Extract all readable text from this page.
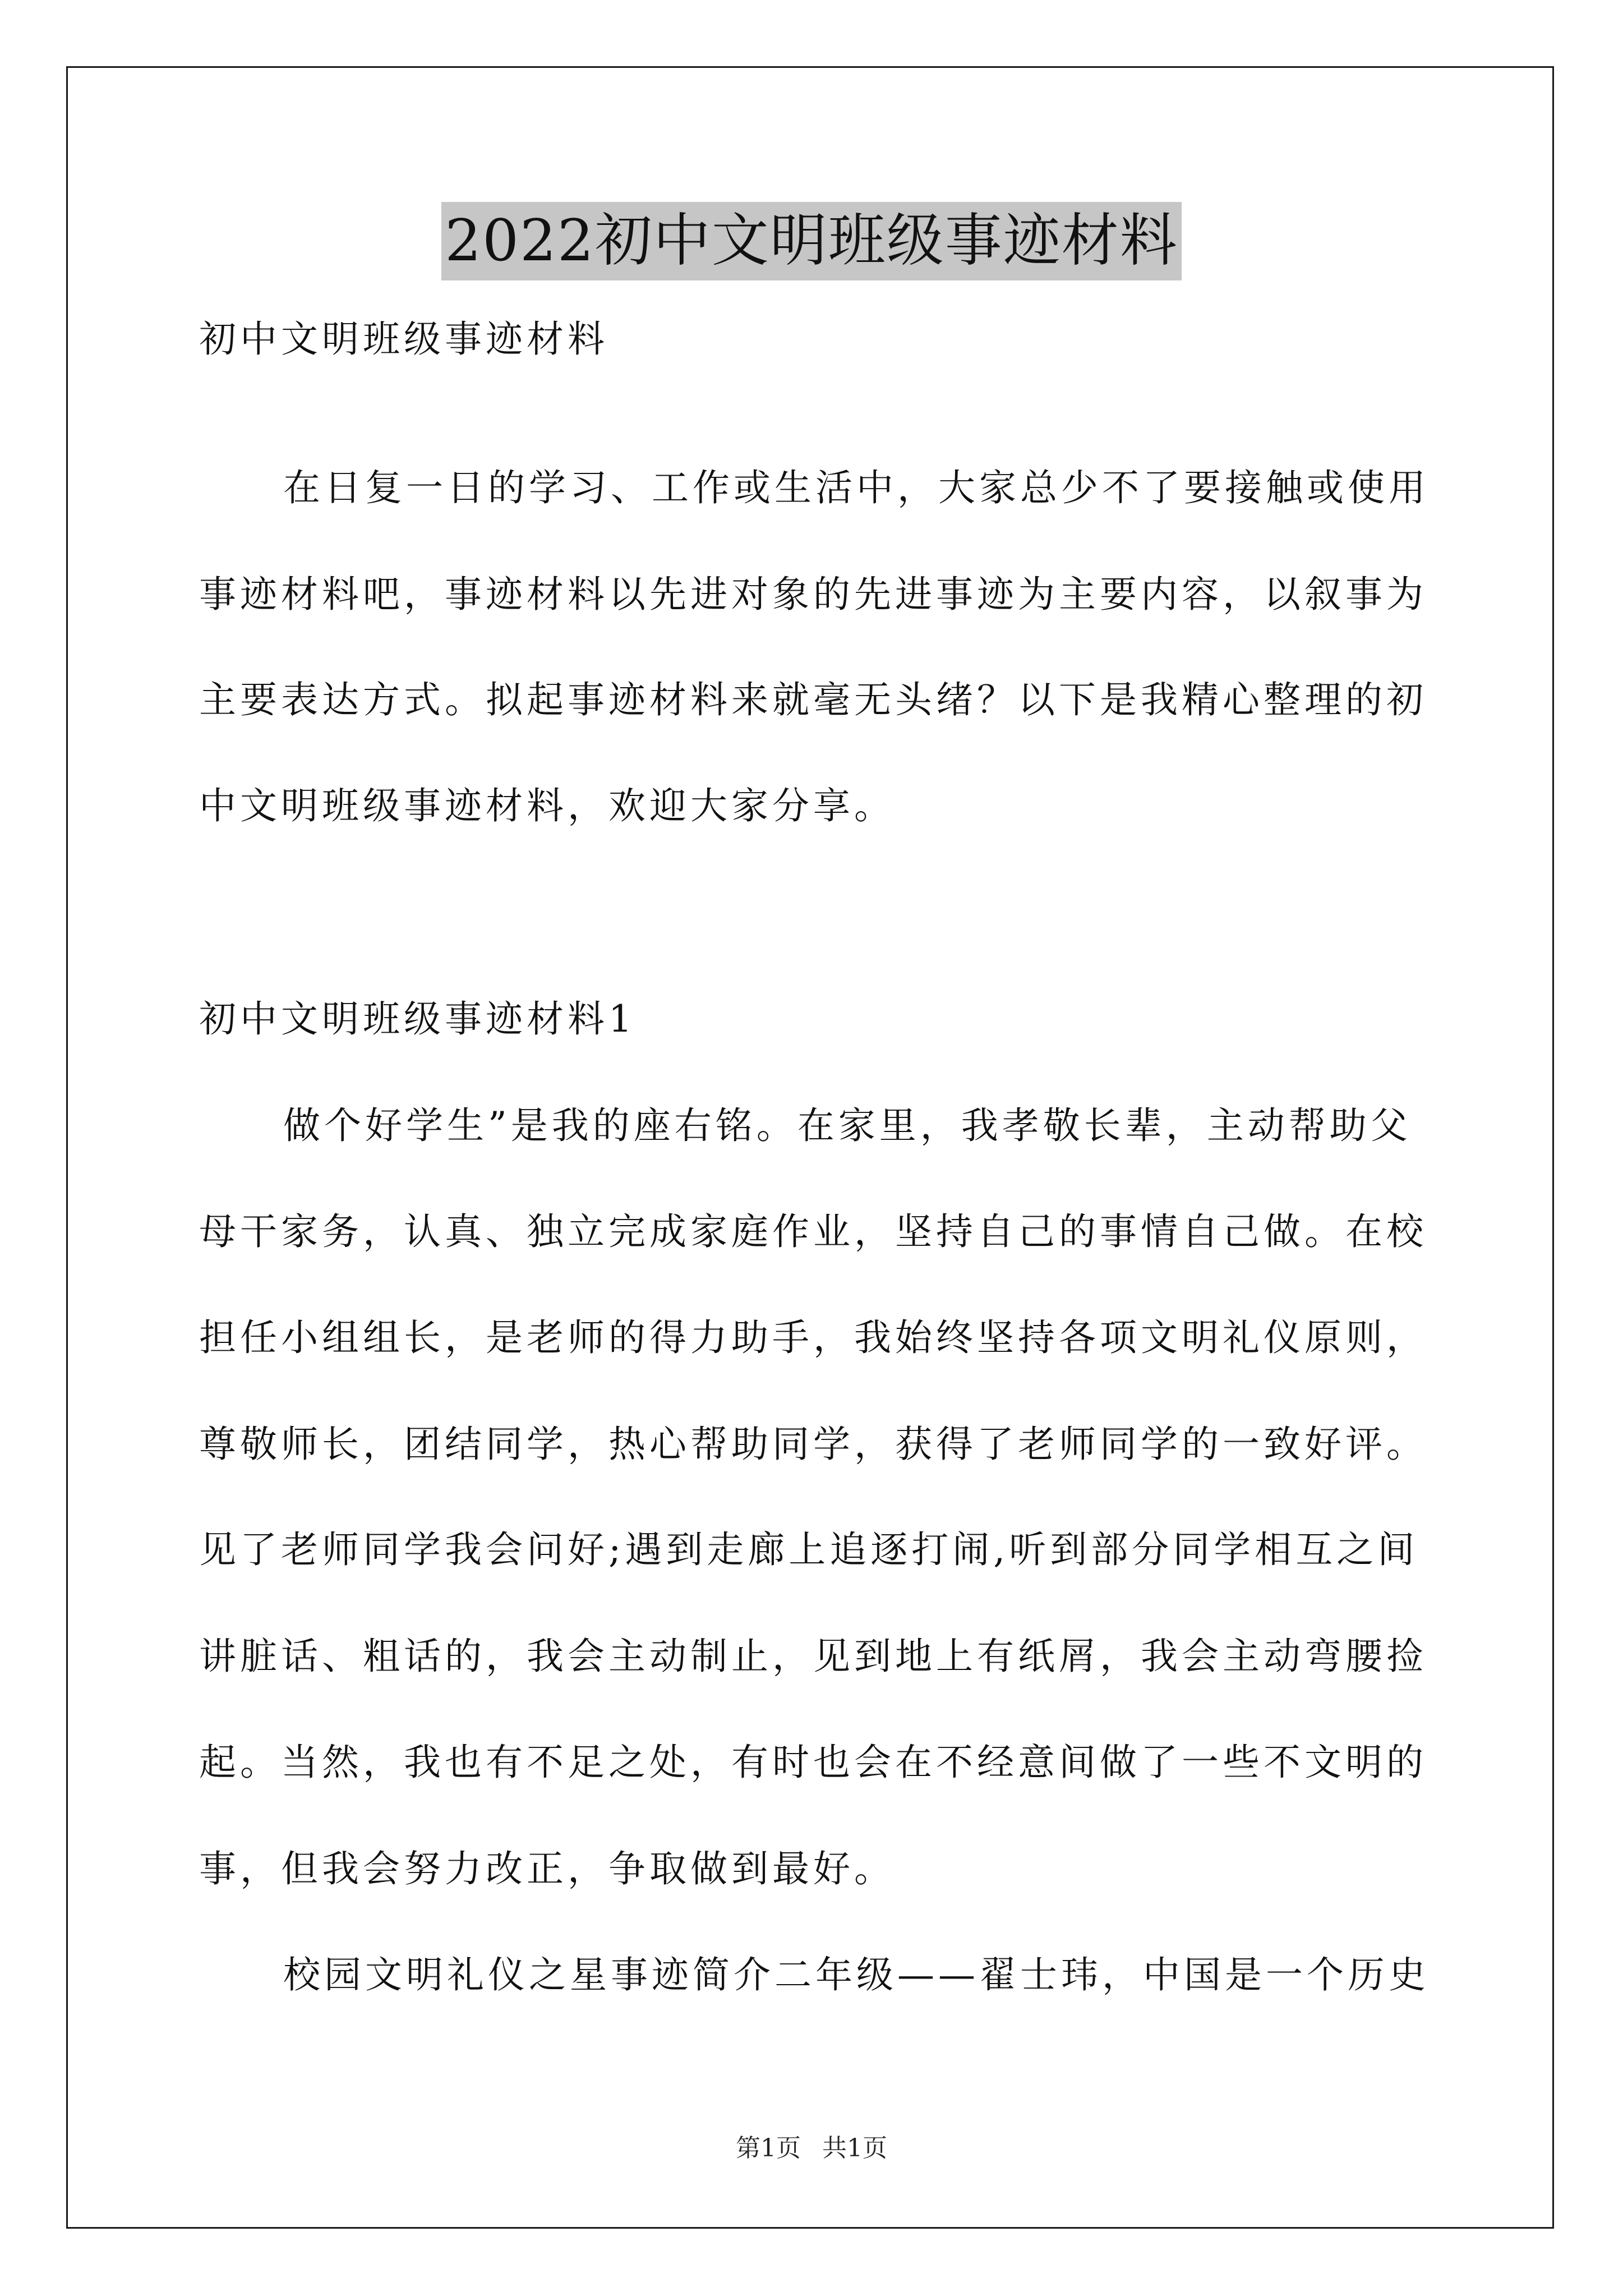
2022初中文明班级事迹材料
初中文明班级事迹材料
在日复一日的学习、工作或生活中，大家总少不了要接触或使用
事迹材料吧，事迹材料以先进对象的先进事迹为主要内容，以叙事为
主要表达方式。拟起事迹材料来就毫无头绪？以下是我精心整理的初
中文明班级事迹材料，欢迎大家分享。
初中文明班级事迹材料1
做个好学生”是我的座右铭。在家里，我孝敬长辈，主动帮助父
母干家务，认真、独立完成家庭作业，坚持自己的事情自己做。在校
担任小组组长，是老师的得力助手，我始终坚持各项文明礼仪原则，
尊敬师长，团结同学，热心帮助同学，获得了老师同学的一致好评。
见了老师同学我会问好;遇到走廊上追逐打闹,听到部分同学相互之间
讲脏话、粗话的，我会主动制止，见到地上有纸屑，我会主动弯腰捡
起。当然，我也有不足之处，有时也会在不经意间做了一些不文明的
事，但我会努力改正，争取做到最好。
校园文明礼仪之星事迹简介二年级——翟士玮，中国是一个历史
第1页 共1页
